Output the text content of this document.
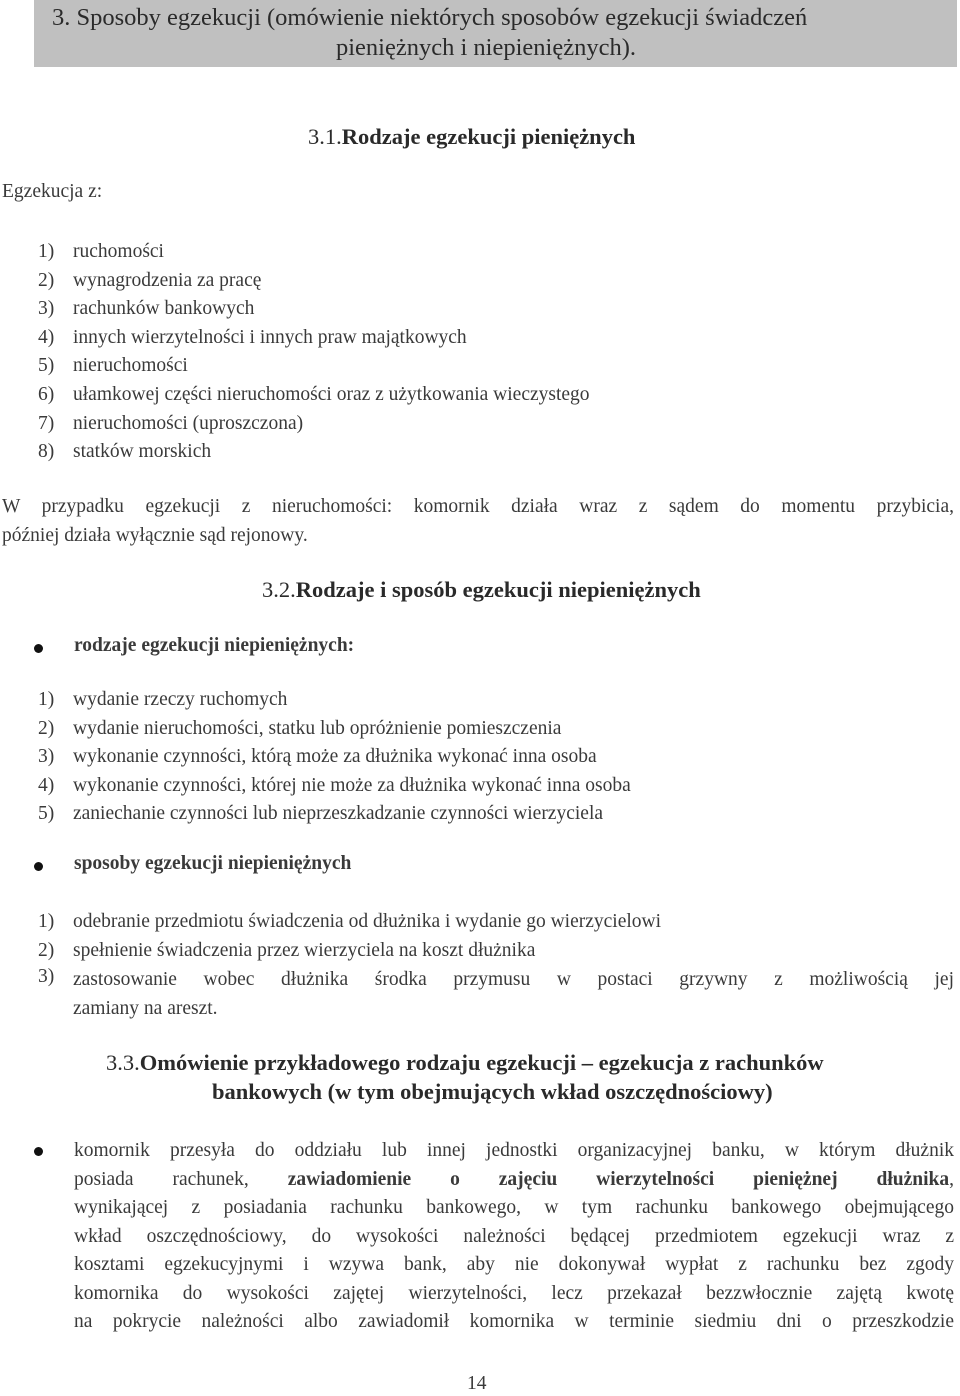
3. Sposoby egzekucji (omówienie niektórych sposobów egzekucji świadczeń
pieniężnych i niepieniężnych).
3.1.Rodzaje egzekucji pieniężnych
Egzekucja z:
1) ruchomości
2) wynagrodzenia za pracę
3) rachunków bankowych
4) innych wierzytelności i innych praw majątkowych
5) nieruchomości
6) ułamkowej części nieruchomości oraz z użytkowania wieczystego
7) nieruchomości (uproszczona)
8) statków morskich

W przypadku egzekucji z nieruchomości: komornik działa wraz z sądem do momentu przybicia,

później działa wyłącznie sąd rejonowy.

3.2.Rodzaje i sposób egzekucji niepieniężnych
rodzaje egzekucji niepieniężnych:
1) wydanie rzeczy ruchomych
2) wydanie nieruchomości, statku lub opróżnienie pomieszczenia
3) wykonanie czynności, którą może za dłużnika wykonać inna osoba
4) wykonanie czynności, której nie może za dłużnika wykonać inna osoba
5) zaniechanie czynności lub nieprzeszkadzanie czynności wierzyciela
sposoby egzekucji niepieniężnych
1) odebranie przedmiotu świadczenia od dłużnika i wydanie go wierzycielowi
2) spełnienie świadczenia przez wierzyciela na koszt dłużnika
3) zastosowanie wobec dłużnika środka przymusu w postaci grzywny z możliwością jej

zamiany na areszt.

3.3.Omówienie przykładowego rodzaju egzekucji – egzekucja z rachunków
bankowych (w tym obejmujących wkład oszczędnościowy)

komornik przesyła do oddziału lub innej jednostki organizacyjnej banku, w którym dłużnik

posiada rachunek, zawiadomienie o zajęciu wierzytelności pieniężnej dłużnika,

wynikającej z posiadania rachunku bankowego, w tym rachunku bankowego obejmującego

wkład oszczędnościowy, do wysokości należności będącej przedmiotem egzekucji wraz z

kosztami egzekucyjnymi i wzywa bank, aby nie dokonywał wypłat z rachunku bez zgody

komornika do wysokości zajętej wierzytelności, lecz przekazał bezzwłocznie zajętą kwotę

na pokrycie należności albo zawiadomił komornika w terminie siedmiu dni o przeszkodzie

14
